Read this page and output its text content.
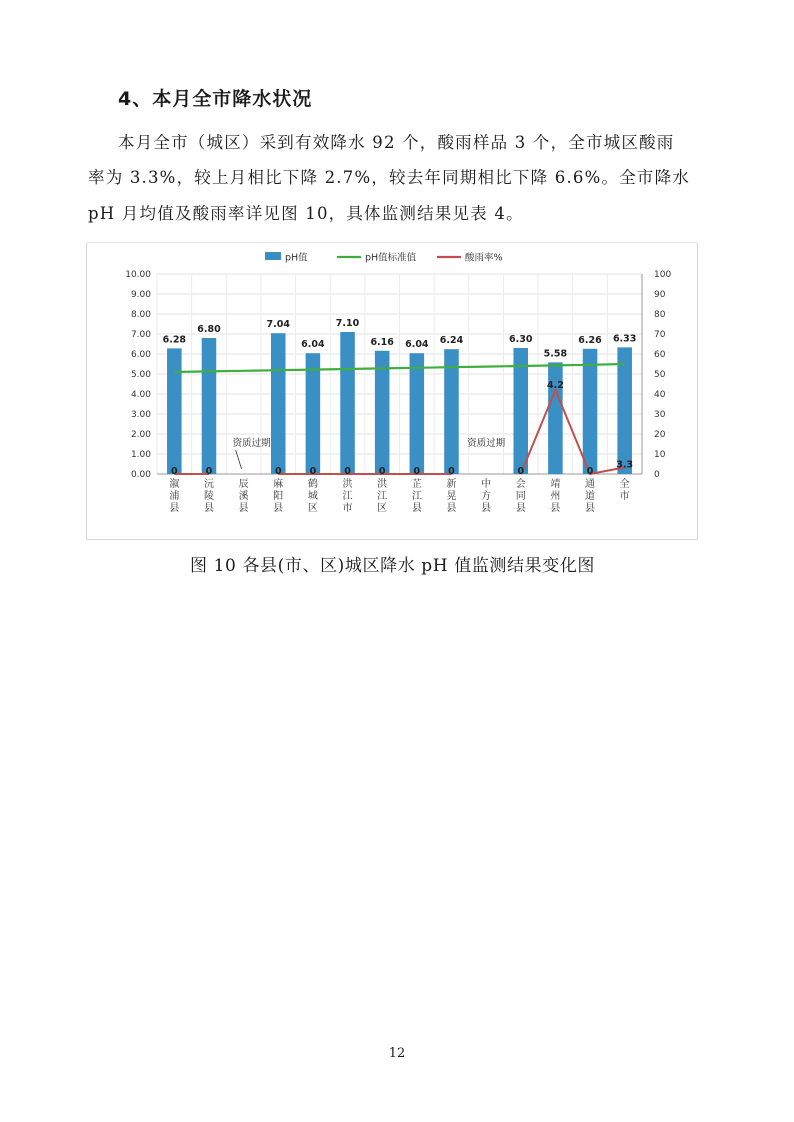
4、本月全市降水状况
本月全市（城区）采到有效降水 92 个，酸雨样品 3 个，全市城区酸雨
率为 3.3%，较上月相比下降 2.7%，较去年同期相比下降 6.6%。全市降水
pH 月均值及酸雨率详见图 10，具体监测结果见表 4。
0.00
1.00
2.00
3.00
4.00
5.00
6.00
7.00
8.00
9.00
10.00
0
10
20
30
40
50
60
70
80
90
100
6.28
6.80	7.04
6.04
7.10
6.16 6.04 6.24	6.30
5.58
6.26 6.33
0	0	0	0	0	0	0	0	0
4.2
0
3.3
资质过期	资质过期
溆
浦
县
沅
陵
县
辰
溪
县
麻
阳
县
鹤
城
区
洪
江
市
洪
江
区
芷
江
县
新
晃
县
中
方
县
会
同
县
靖
州
县
通
道
县
全
市
pH值	pH值标准值	酸雨率%
图 10 各县(市、区)城区降水 pH 值监测结果变化图
12
